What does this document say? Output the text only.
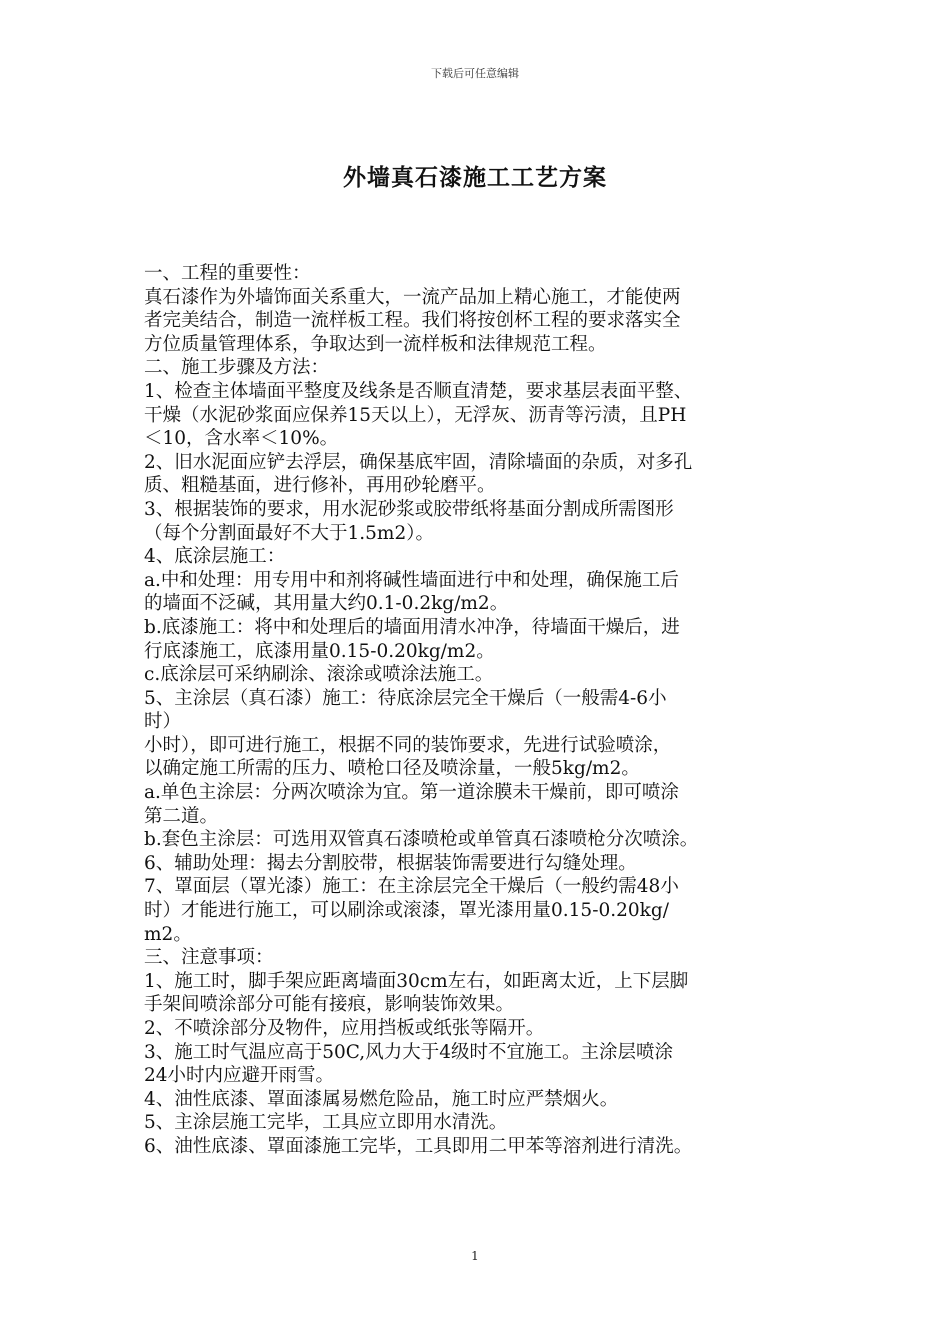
下载后可任意编辑
外墙真石漆施工工艺方案
一、工程的重要性：
真石漆作为外墙饰面关系重大，一流产品加上精心施工，才能使两
者完美结合，制造一流样板工程。我们将按创杯工程的要求落实全
方位质量管理体系，争取达到一流样板和法律规范工程。
二、施工步骤及方法：
1、检查主体墙面平整度及线条是否顺直清楚，要求基层表面平整、
干燥（水泥砂浆面应保养15天以上），无浮灰、沥青等污渍，且PH
＜10，含水率＜10%。
2、旧水泥面应铲去浮层，确保基底牢固，清除墙面的杂质，对多孔
质、粗糙基面，进行修补，再用砂轮磨平。
3、根据装饰的要求，用水泥砂浆或胶带纸将基面分割成所需图形
（每个分割面最好不大于1.5m2）。
4、底涂层施工：
a.中和处理：用专用中和剂将碱性墙面进行中和处理，确保施工后
的墙面不泛碱，其用量大约0.1-0.2kg/m2。
b.底漆施工：将中和处理后的墙面用清水冲净，待墙面干燥后，进
行底漆施工，底漆用量0.15-0.20kg/m2。
c.底涂层可采纳刷涂、滚涂或喷涂法施工。
5、主涂层（真石漆）施工：待底涂层完全干燥后（一般需4-6小
时）
小时），即可进行施工，根据不同的装饰要求，先进行试验喷涂，
以确定施工所需的压力、喷枪口径及喷涂量，一般5kg/m2。
a.单色主涂层：分两次喷涂为宜。第一道涂膜未干燥前，即可喷涂
第二道。
b.套色主涂层：可选用双管真石漆喷枪或单管真石漆喷枪分次喷涂。
6、辅助处理：揭去分割胶带，根据装饰需要进行勾缝处理。
7、罩面层（罩光漆）施工：在主涂层完全干燥后（一般约需48小
时）才能进行施工，可以刷涂或滚漆，罩光漆用量0.15-0.20kg/
m2。
三、注意事项：
1、施工时，脚手架应距离墙面30cm左右，如距离太近，上下层脚
手架间喷涂部分可能有接痕，影响装饰效果。
2、不喷涂部分及物件，应用挡板或纸张等隔开。
3、施工时气温应高于50C,风力大于4级时不宜施工。主涂层喷涂
24小时内应避开雨雪。
4、油性底漆、罩面漆属易燃危险品，施工时应严禁烟火。
5、主涂层施工完毕，工具应立即用水清洗。
6、油性底漆、罩面漆施工完毕，工具即用二甲苯等溶剂进行清洗。
1
